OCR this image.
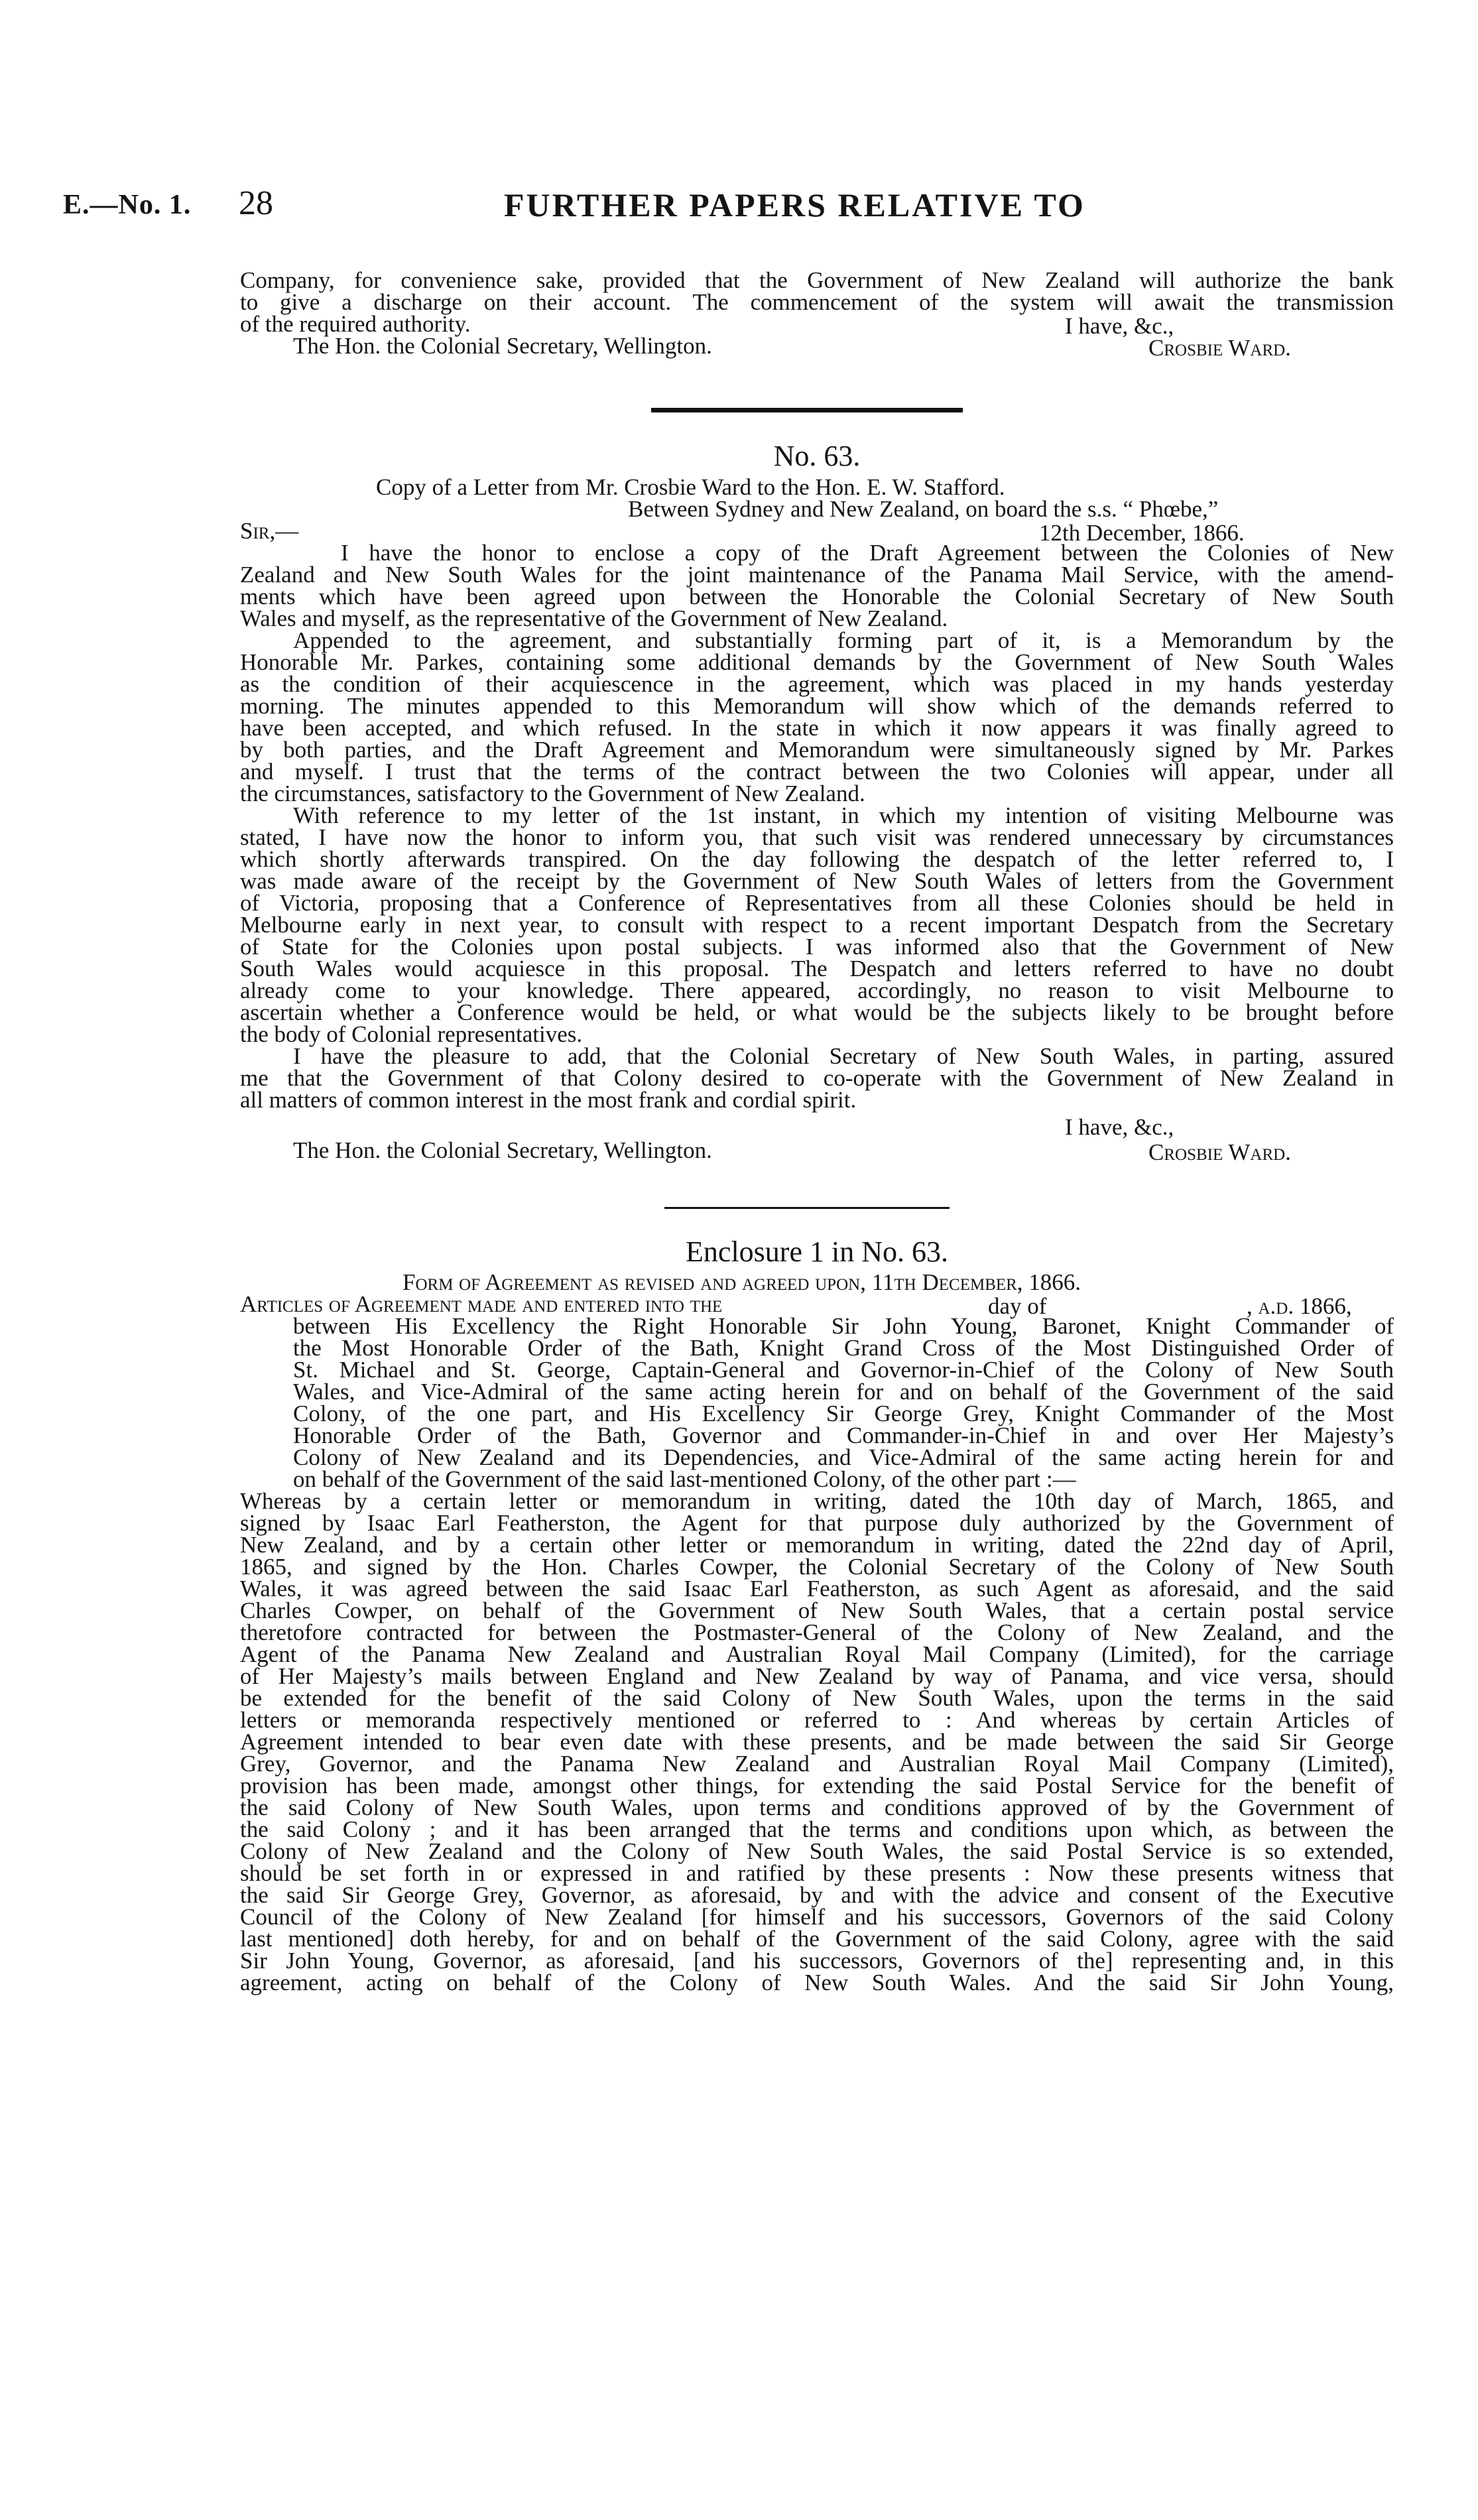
E.—No. 1. 28	FURTHER PAPERS RELATIVE TO
Company, for convenience sake, provided that the Government of New Zealand will authorize the bank
to give a discharge on their account. The commencement of the system will await the transmission
of the required authority.	I have, &c.,
The Hon. the Colonial Secretary, Wellington.	Crosbie Ward.
No. 63.
Copy of a Letter from Mr. Crosbie Ward to the Hon. E. W. Stafford.
Between Sydney and New Zealand, on board the s.s. “ Phœbe,”
Sir,—	12th December, 1866.
I have the honor to enclose a copy of the Draft Agreement between the Colonies of New
Zealand and New South Wales for the joint maintenance of the Panama Mail Service, with the amend-
ments which have been agreed upon between the Honorable the Colonial Secretary of New South
Wales and myself, as the representative of the Government of New Zealand.
Appended to the agreement, and substantially forming part of it, is a Memorandum by the
Honorable Mr. Parkes, containing some additional demands by the Government of New South Wales
as the condition of their acquiescence in the agreement, which was placed in my hands yesterday
morning. The minutes appended to this Memorandum will show which of the demands referred to
have been accepted, and which refused. In the state in which it now appears it was finally agreed to
by both parties, and the Draft Agreement and Memorandum were simultaneously signed by Mr. Parkes
and myself. I trust that the terms of the contract between the two Colonies will appear, under all
the circumstances, satisfactory to the Government of New Zealand.
With reference to my letter of the 1st instant, in which my intention of visiting Melbourne was
stated, I have now the honor to inform you, that such visit was rendered unnecessary by circumstances
which shortly afterwards transpired. On the day following the despatch of the letter referred to, I
was made aware of the receipt by the Government of New South Wales of letters from the Government
of Victoria, proposing that a Conference of Representatives from all these Colonies should be held in
Melbourne early in next year, to consult with respect to a recent important Despatch from the Secretary
of State for the Colonies upon postal subjects. I was informed also that the Government of New
South Wales would acquiesce in this proposal. The Despatch and letters referred to have no doubt
already come to your knowledge. There appeared, accordingly, no reason to visit Melbourne to
ascertain whether a Conference would be held, or what would be the subjects likely to be brought before
the body of Colonial representatives.
I have the pleasure to add, that the Colonial Secretary of New South Wales, in parting, assured
me that the Government of that Colony desired to co-operate with the Government of New Zealand in
all matters of common interest in the most frank and cordial spirit.
I have, &c.,
The Hon. the Colonial Secretary, Wellington.	Crosbie Ward.
Enclosure 1 in No. 63.
Form of Agreement as revised and agreed upon, 11th December, 1866.
Articles of Agreement made and entered into the	day of	, a.d. 1866,
between His Excellency the Right Honorable Sir John Young, Baronet, Knight Commander of
the Most Honorable Order of the Bath, Knight Grand Cross of the Most Distinguished Order of
St. Michael and St. George, Captain-General and Governor-in-Chief of the Colony of New South
Wales, and Vice-Admiral of the same acting herein for and on behalf of the Government of the said
Colony, of the one part, and His Excellency Sir George Grey, Knight Commander of the Most
Honorable Order of the Bath, Governor and Commander-in-Chief in and over Her Majesty’s
Colony of New Zealand and its Dependencies, and Vice-Admiral of the same acting herein for and
on behalf of the Government of the said last-mentioned Colony, of the other part :—
Whereas by a certain letter or memorandum in writing, dated the 10th day of March, 1865, and
signed by Isaac Earl Featherston, the Agent for that purpose duly authorized by the Government of
New Zealand, and by a certain other letter or memorandum in writing, dated the 22nd day of April,
1865, and signed by the Hon. Charles Cowper, the Colonial Secretary of the Colony of New South
Wales, it was agreed between the said Isaac Earl Featherston, as such Agent as aforesaid, and the said
Charles Cowper, on behalf of the Government of New South Wales, that a certain postal service
theretofore contracted for between the Postmaster-General of the Colony of New Zealand, and the
Agent of the Panama New Zealand and Australian Royal Mail Company (Limited), for the carriage
of Her Majesty’s mails between England and New Zealand by way of Panama, and vice versa, should
be extended for the benefit of the said Colony of New South Wales, upon the terms in the said
letters or memoranda respectively mentioned or referred to : And whereas by certain Articles of
Agreement intended to bear even date with these presents, and be made between the said Sir George
Grey, Governor, and the Panama New Zealand and Australian Royal Mail Company (Limited),
provision has been made, amongst other things, for extending the said Postal Service for the benefit of
the said Colony of New South Wales, upon terms and conditions approved of by the Government of
the said Colony ; and it has been arranged that the terms and conditions upon which, as between the
Colony of New Zealand and the Colony of New South Wales, the said Postal Service is so extended,
should be set forth in or expressed in and ratified by these presents : Now these presents witness that
the said Sir George Grey, Governor, as aforesaid, by and with the advice and consent of the Executive
Council of the Colony of New Zealand [for himself and his successors, Governors of the said Colony
last mentioned] doth hereby, for and on behalf of the Government of the said Colony, agree with the said
Sir John Young, Governor, as aforesaid, [and his successors, Governors of the] representing and, in this
agreement, acting on behalf of the Colony of New South Wales. And the said Sir John Young,
